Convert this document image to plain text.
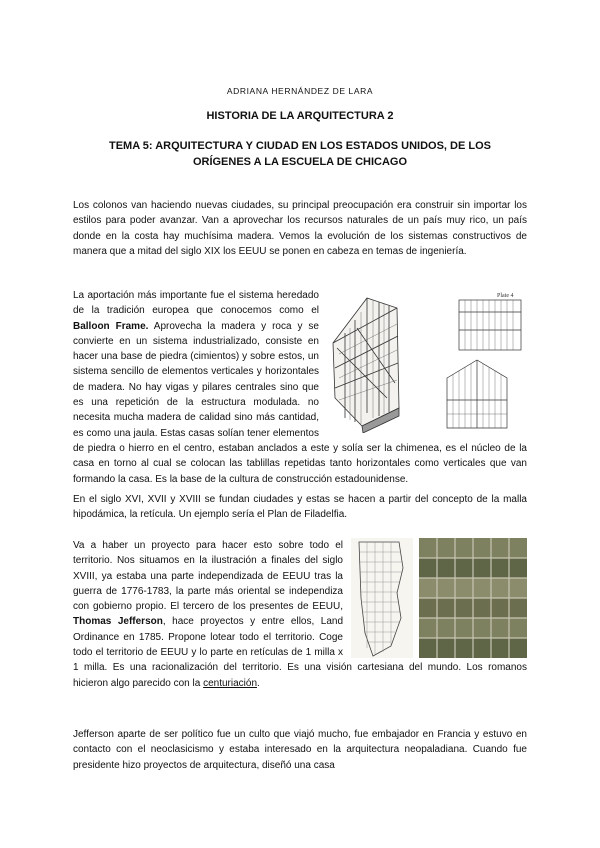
ADRIANA HERNÁNDEZ DE LARA
HISTORIA DE LA ARQUITECTURA 2
TEMA 5: ARQUITECTURA Y CIUDAD EN LOS ESTADOS UNIDOS, DE LOS ORÍGENES A LA ESCUELA DE CHICAGO

Los colonos van haciendo nuevas ciudades, su principal preocupación era construir sin importar los estilos para poder avanzar. Van a aprovechar los recursos naturales de un país muy rico, un país donde en la costa hay muchísima madera. Vemos la evolución de los sistemas constructivos de manera que a mitad del siglo XIX los EEUU se ponen en cabeza en temas de ingeniería.

Plate 4
La aportación más importante fue el sistema heredado de la tradición europea que conocemos como el Balloon Frame. Aprovecha la madera y roca y se convierte en un sistema industrializado, consiste en hacer una base de piedra (cimientos) y sobre estos, un sistema sencillo de elementos verticales y horizontales de madera. No hay vigas y pilares centrales sino que es una repetición de la estructura modulada. no necesita mucha madera de calidad sino más cantidad, es como una jaula. Estas casas solían tener elementos de piedra o hierro en el centro, estaban anclados a este y solía ser la chimenea, es el núcleo de la casa en torno al cual se colocan las tablillas repetidas tanto horizontales como verticales que van formando la casa. Es la base de la cultura de construcción estadounidense.

En el siglo XVI, XVII y XVIII se fundan ciudades y estas se hacen a partir del concepto de la malla hipodámica, la retícula. Un ejemplo sería el Plan de Filadelfia.

Va a haber un proyecto para hacer esto sobre todo el territorio. Nos situamos en la ilustración a finales del siglo XVIII, ya estaba una parte independizada de EEUU tras la guerra de 1776-1783, la parte más oriental se independiza con gobierno propio. El tercero de los presentes de EEUU, Thomas Jefferson, hace proyectos y entre ellos, Land Ordinance en 1785. Propone lotear todo el territorio. Coge todo el territorio de EEUU y lo parte en retículas de 1 milla x 1 milla. Es una racionalización del territorio. Es una visión cartesiana del mundo. Los romanos hicieron algo parecido con la centuriación.

Jefferson aparte de ser político fue un culto que viajó mucho, fue embajador en Francia y estuvo en contacto con el neoclasicismo y estaba interesado en la arquitectura neopaladiana. Cuando fue presidente hizo proyectos de arquitectura, diseñó una casa
